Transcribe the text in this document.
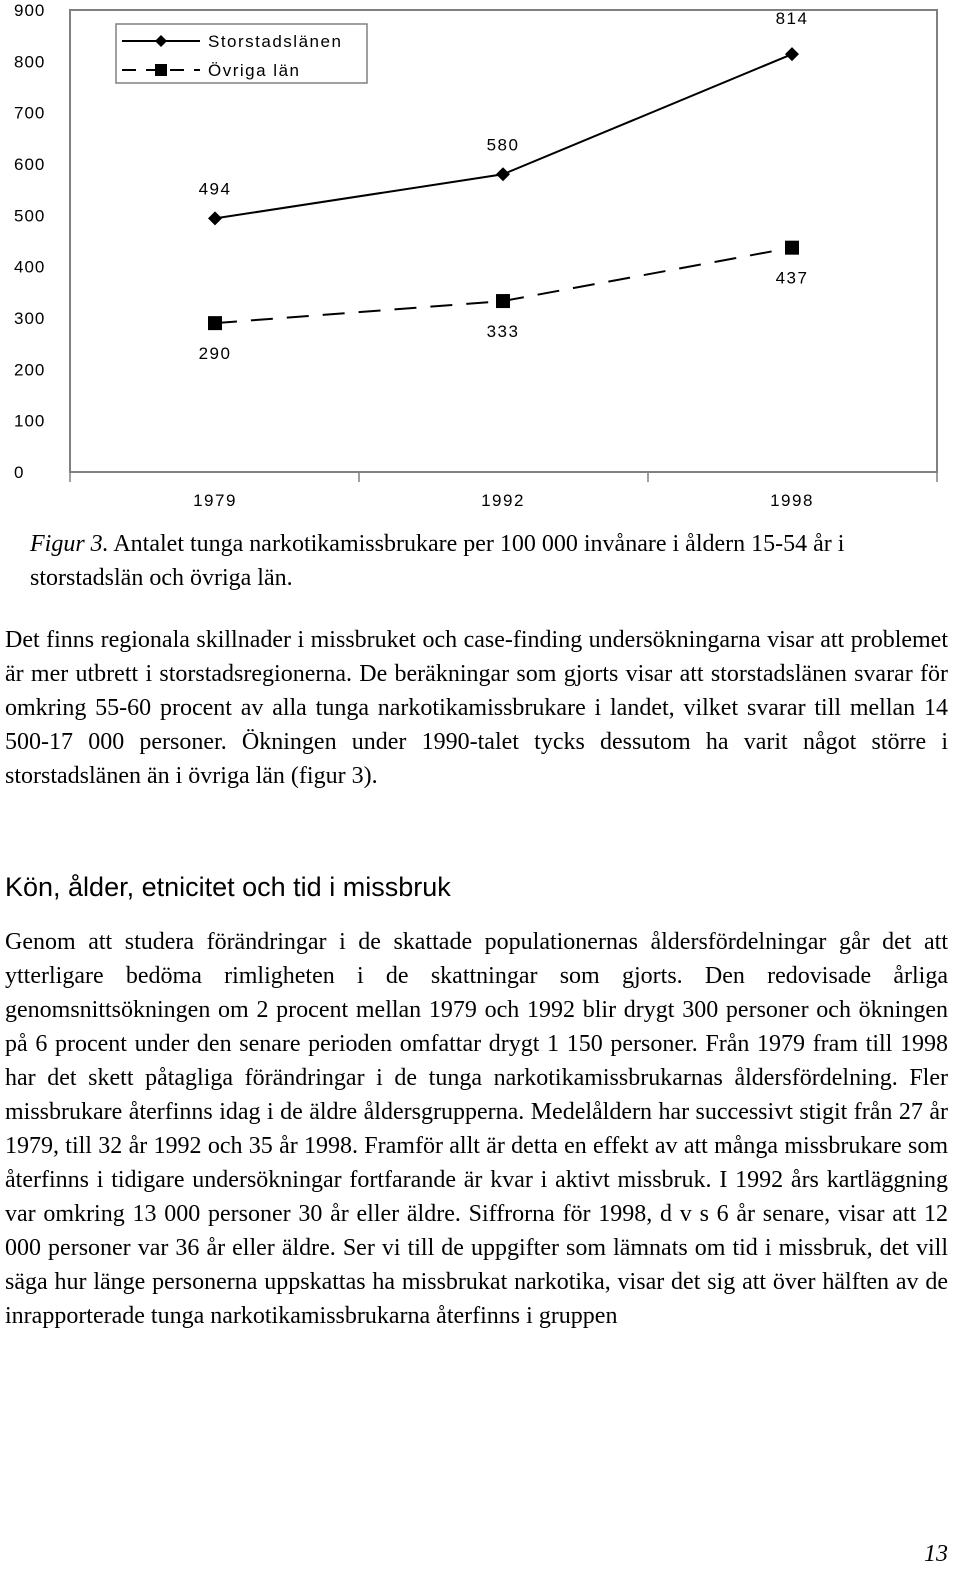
0
100
200
300
400
500
600
700
800
900
1979	1992	1998
494
580
814
290
333
437
Storstadslänen
Övriga län
Figur 3. Antalet tunga narkotikamissbrukare per 100 000 invånare i åldern 15-54 år i storstadslän och övriga län.

Det finns regionala skillnader i missbruket och case-finding undersökningarna visar att problemet är mer utbrett i storstadsregionerna. De beräkningar som gjorts visar att storstadslänen svarar för omkring 55-60 procent av alla tunga narkotikamissbrukare i landet, vilket svarar till mellan 14 500-17 000 personer. Ökningen under 1990-talet tycks dessutom ha varit något större i storstadslänen än i övriga län (figur 3).

Kön, ålder, etnicitet och tid i missbruk

Genom att studera förändringar i de skattade populationernas åldersfördelningar går det att ytterligare bedöma rimligheten i de skattningar som gjorts. Den redovisade årliga genomsnittsökningen om 2 procent mellan 1979 och 1992 blir drygt 300 personer och ökningen på 6 procent under den senare perioden omfattar drygt 1 150 personer. Från 1979 fram till 1998 har det skett påtagliga förändringar i de tunga narkotikamissbrukarnas åldersfördelning. Fler missbrukare återfinns idag i de äldre åldersgrupperna. Medelåldern har successivt stigit från 27 år 1979, till 32 år 1992 och 35 år 1998. Framför allt är detta en effekt av att många missbrukare som återfinns i tidigare undersökningar fortfarande är kvar i aktivt missbruk. I 1992 års kartläggning var omkring 13 000 personer 30 år eller äldre. Siffrorna för 1998, d v s 6 år senare, visar att 12 000 personer var 36 år eller äldre. Ser vi till de uppgifter som lämnats om tid i missbruk, det vill säga hur länge personerna uppskattas ha missbrukat narkotika, visar det sig att över hälften av de inrapporterade tunga narkotikamissbrukarna återfinns i gruppen

13
